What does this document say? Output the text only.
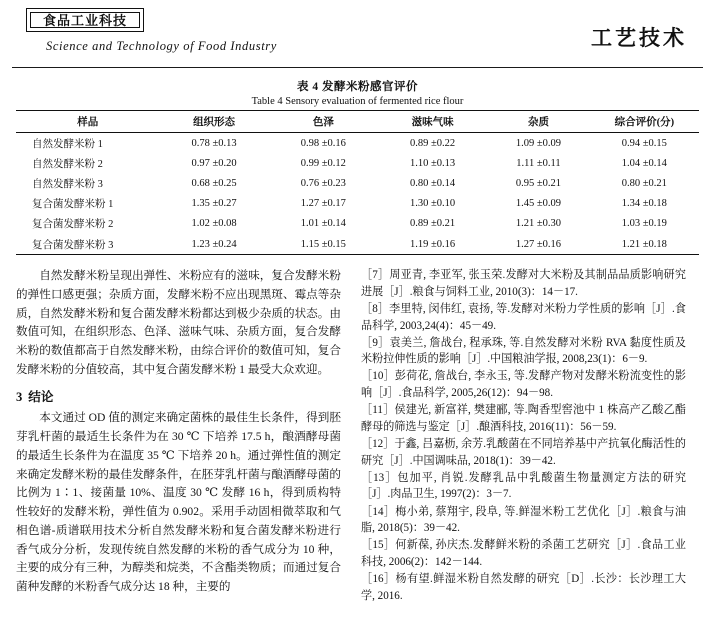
食品工业科技
Science and Technology of Food Industry	工艺技术
表 4 发酵米粉感官评价
Table 4 Sensory evaluation of fermented rice flour
样品	组织形态	色泽	滋味气味	杂质	综合评价(分)
自然发酵米粉 1	0.78 ±0.13	0.98 ±0.16	0.89 ±0.22	1.09 ±0.09	0.94 ±0.15
自然发酵米粉 2	0.97 ±0.20	0.99 ±0.12	1.10 ±0.13	1.11 ±0.11	1.04 ±0.14
自然发酵米粉 3	0.68 ±0.25	0.76 ±0.23	0.80 ±0.14	0.95 ±0.21	0.80 ±0.21
复合菌发酵米粉 1	1.35 ±0.27	1.27 ±0.17	1.30 ±0.10	1.45 ±0.09	1.34 ±0.18
复合菌发酵米粉 2	1.02 ±0.08	1.01 ±0.14	0.89 ±0.21	1.21 ±0.30	1.03 ±0.19
复合菌发酵米粉 3	1.23 ±0.24	1.15 ±0.15	1.19 ±0.16	1.27 ±0.16	1.21 ±0.18

自然发酵米粉呈现出弹性、米粉应有的滋味，复合发酵米粉的弹性口感更强；杂质方面，发酵米粉不应出现黑斑、霉点等杂质，自然发酵米粉和复合菌发酵米粉都达到极少杂质的状态。由数值可知，在组织形态、色泽、滋味气味、杂质方面，复合发酵米粉的数值都高于自然发酵米粉，由综合评价的数值可知，复合发酵米粉的分值较高，其中复合菌发酵米粉 1 最受大众欢迎。

3 结论

本文通过 OD 值的测定来确定菌株的最佳生长条件，得到胚芽乳杆菌的最适生长条件为在 30 ℃ 下培养 17.5 h，酿酒酵母菌的最适生长条件为在温度 35 ℃ 下培养 20 h。通过弹性值的测定来确定发酵米粉的最佳发酵条件，在胚芽乳杆菌与酿酒酵母菌的比例为 1∶1、接菌量 10%、温度 30 ℃ 发酵 16 h，得到质构特性较好的发酵米粉，弹性值为 0.902。采用手动固相微萃取和气相色谱-质谱联用技术分析自然发酵米粉和复合菌发酵米粉进行香气成分分析，发现传统自然发酵的米粉的香气成分为 10 种，主要的成分有三种，为醇类和烷类，不含酯类物质；而通过复合菌种发酵的米粉香气成分达 18 种，主要的

［7］周亚青, 李亚军, 张玉荣.发酵对大米粉及其制品品质影响研究进展［J］.粮食与饲料工业, 2010(3)：14－17.

［8］李里特, 闵伟红, 袁扬, 等.发酵对米粉力学性质的影响［J］.食品科学, 2003,24(4)：45－49.

［9］袁美兰, 詹战台, 程承珠, 等.自然发酵对米粉 RVA 黏度性质及米粉拉伸性质的影响［J］.中国粮油学报, 2008,23(1)：6－9.

［10］彭荷花, 詹战台, 李永玉, 等.发酵产物对发酵米粉流变性的影响［J］.食品科学, 2005,26(12)：94－98.

［11］侯建光, 新富祥, 樊建郦, 等.陶香型窖池中 1 株高产乙酸乙酯酵母的筛选与鉴定［J］.酿酒科技, 2016(11)：56－59.

［12］于鑫, 吕嘉枥, 余芳.乳酸菌在不同培养基中产抗氧化酶活性的研究［J］.中国调味品, 2018(1)：39－42.

［13］包加平, 肖锐.发酵乳品中乳酸菌生物量测定方法的研究［J］.肉品卫生, 1997(2)：3－7.

［14］梅小弟, 蔡翔宇, 段阜, 等.鲜湿米粉工艺优化［J］.粮食与油脂, 2018(5)：39－42.

［15］何新葆, 孙庆杰.发酵鲜米粉的杀菌工艺研究［J］.食品工业科技, 2006(2)：142－144.

［16］杨有望.鲜湿米粉自然发酵的研究［D］.长沙：长沙理工大学, 2016.
